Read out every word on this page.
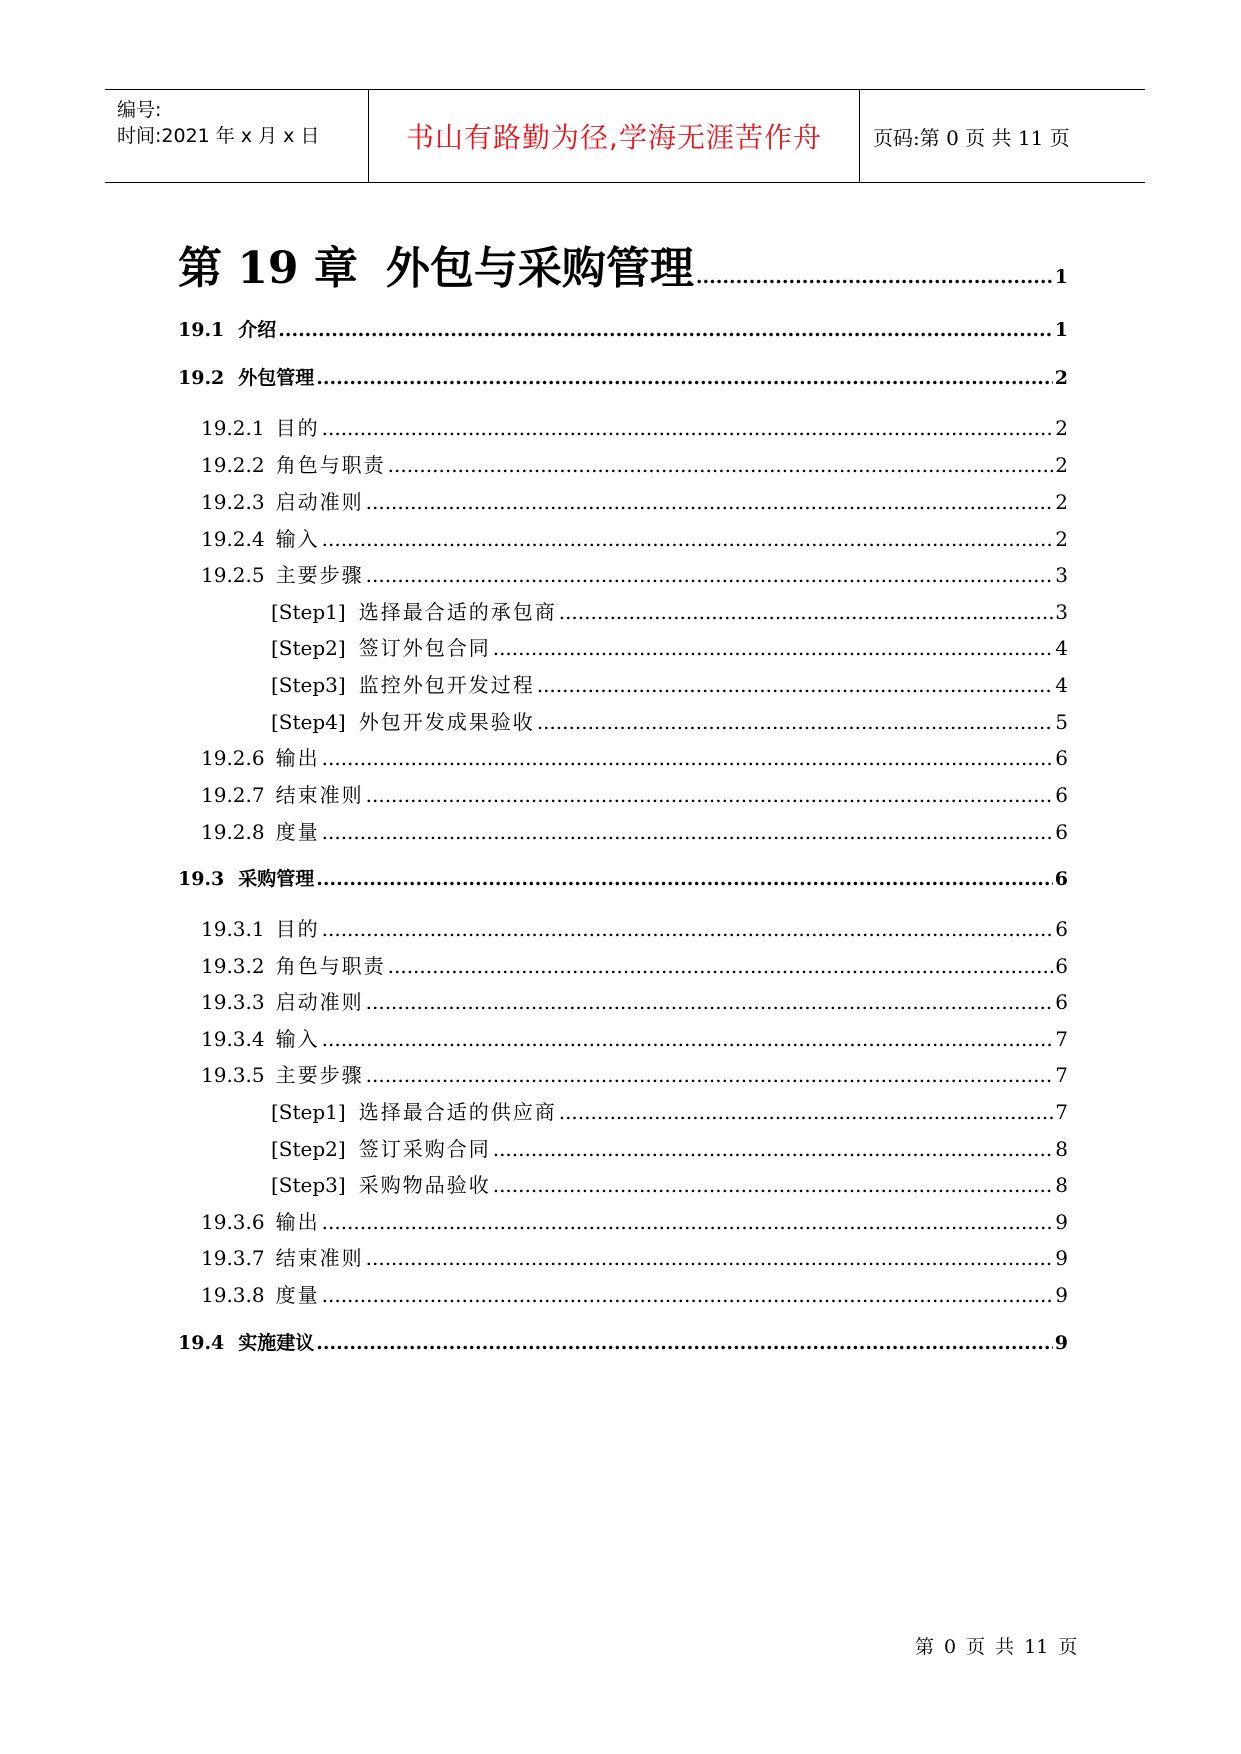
编号:
时间:2021 年 x 月 x 日	书山有路勤为径,学海无涯苦作舟	页码:第 0 页 共 11 页
第 19 章 外包与采购管理 .....	1
19.1 介绍 .....	1
19.2 外包管理 .....	2
19.2.1 目的 .....	2
19.2.2 角色与职责 .....	2
19.2.3 启动准则 .....	2
19.2.4 输入 .....	2
19.2.5 主要步骤 .....	3
[Step1] 选择最合适的承包商 .....	3
[Step2] 签订外包合同 .....	4
[Step3] 监控外包开发过程 .....	4
[Step4] 外包开发成果验收 .....	5
19.2.6 输出 .....	6
19.2.7 结束准则 .....	6
19.2.8 度量 .....	6
19.3 采购管理 .....	6
19.3.1 目的 .....	6
19.3.2 角色与职责 .....	6
19.3.3 启动准则 .....	6
19.3.4 输入 .....	7
19.3.5 主要步骤 .....	7
[Step1] 选择最合适的供应商 .....	7
[Step2] 签订采购合同 .....	8
[Step3] 采购物品验收 .....	8
19.3.6 输出 .....	9
19.3.7 结束准则 .....	9
19.3.8 度量 .....	9
19.4 实施建议 .....	9
第 0 页 共 11 页
